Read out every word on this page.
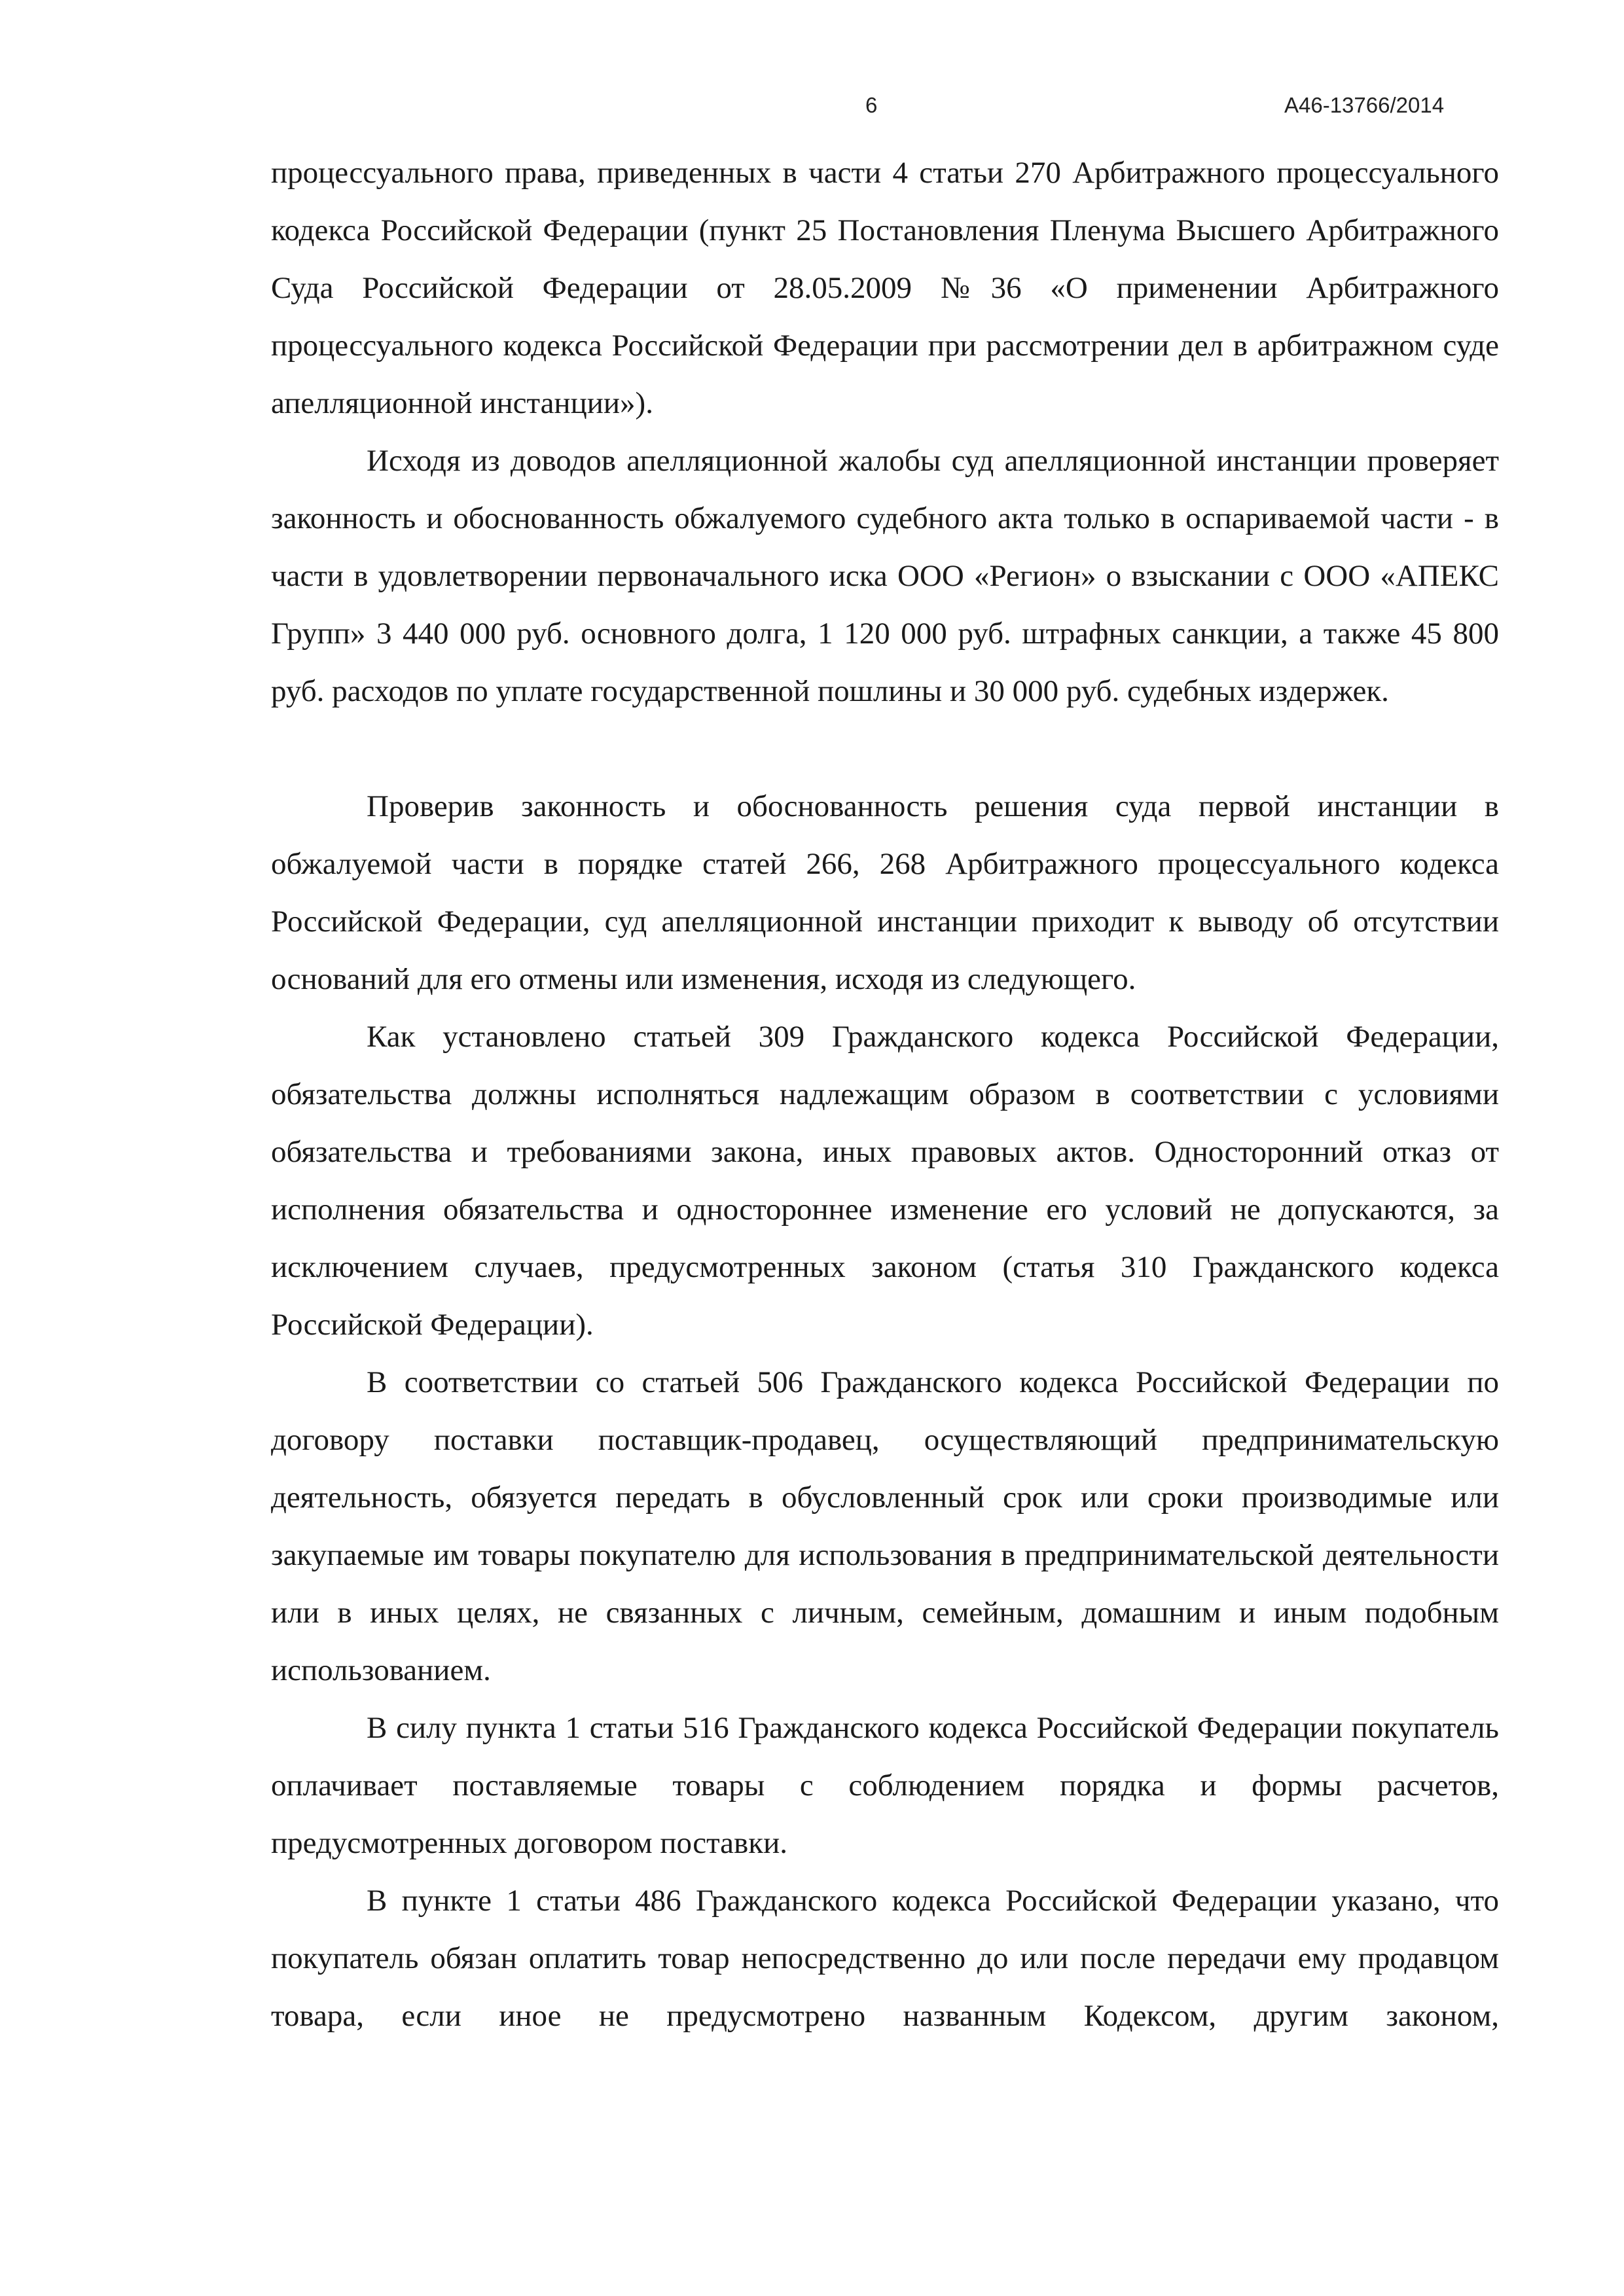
6	А46-13766/2014

процессуального права, приведенных в части 4 статьи 270 Арбитражного процессуального кодекса Российской Федерации (пункт 25 Постановления Пленума Высшего Арбитражного Суда Российской Федерации от 28.05.2009 №36 «О применении Арбитражного процессуального кодекса Российской Федерации при рассмотрении дел в арбитражном суде апелляционной инстанции»).

Исходя из доводов апелляционной жалобы суд апелляционной инстанции проверяет законность и обоснованность обжалуемого судебного акта только в оспариваемой части - в части в удовлетворении первоначального иска ООО «Регион» о взыскании с ООО «АПЕКС Групп» 3 440 000 руб. основного долга, 1 120 000 руб. штрафных санкции, а также 45 800 руб. расходов по уплате государственной пошлины и 30 000 руб. судебных издержек.

Проверив законность и обоснованность решения суда первой инстанции в обжалуемой части в порядке статей 266, 268 Арбитражного процессуального кодекса Российской Федерации, суд апелляционной инстанции приходит к выводу об отсутствии оснований для его отмены или изменения, исходя из следующего.

Как установлено статьей 309 Гражданского кодекса Российской Федерации, обязательства должны исполняться надлежащим образом в соответствии с условиями обязательства и требованиями закона, иных правовых актов. Односторонний отказ от исполнения обязательства и одностороннее изменение его условий не допускаются, за исключением случаев, предусмотренных законом (статья 310 Гражданского кодекса Российской Федерации).

В соответствии со статьей 506 Гражданского кодекса Российской Федерации по договору поставки поставщик-продавец, осуществляющий предпринимательскую деятельность, обязуется передать в обусловленный срок или сроки производимые или закупаемые им товары покупателю для использования в предпринимательской деятельности или в иных целях, не связанных с личным, семейным, домашним и иным подобным использованием.

В силу пункта 1 статьи 516 Гражданского кодекса Российской Федерации покупатель оплачивает поставляемые товары с соблюдением порядка и формы расчетов, предусмотренных договором поставки.

В пункте 1 статьи 486 Гражданского кодекса Российской Федерации указано, что покупатель обязан оплатить товар непосредственно до или после передачи ему продавцом товара, если иное не предусмотрено названным Кодексом, другим законом,
